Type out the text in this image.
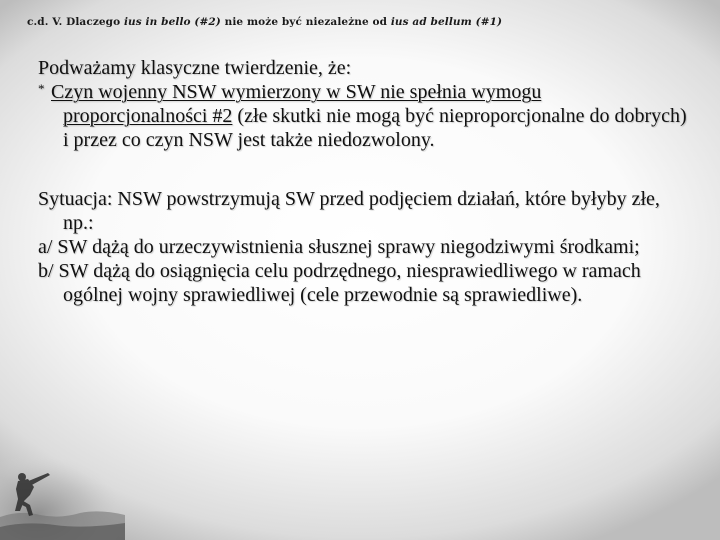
c.d. V. Dlaczego ius in bello (#2) nie może być niezależne od ius ad bellum (#1)

Podważamy klasyczne twierdzenie, że:

* Czyn wojenny NSW wymierzony w SW nie spełnia wymogu proporcjonalności #2 (złe skutki nie mogą być nieproporcjonalne do dobrych) i przez co czyn NSW jest także niedozwolony.

Sytuacja: NSW powstrzymują SW przed podjęciem działań, które byłyby złe, np.:

a/ SW dążą do urzeczywistnienia słusznej sprawy niegodziwymi środkami;

b/ SW dążą do osiągnięcia celu podrzędnego, niesprawiedliwego w ramach ogólnej wojny sprawiedliwej (cele przewodnie są sprawiedliwe).
